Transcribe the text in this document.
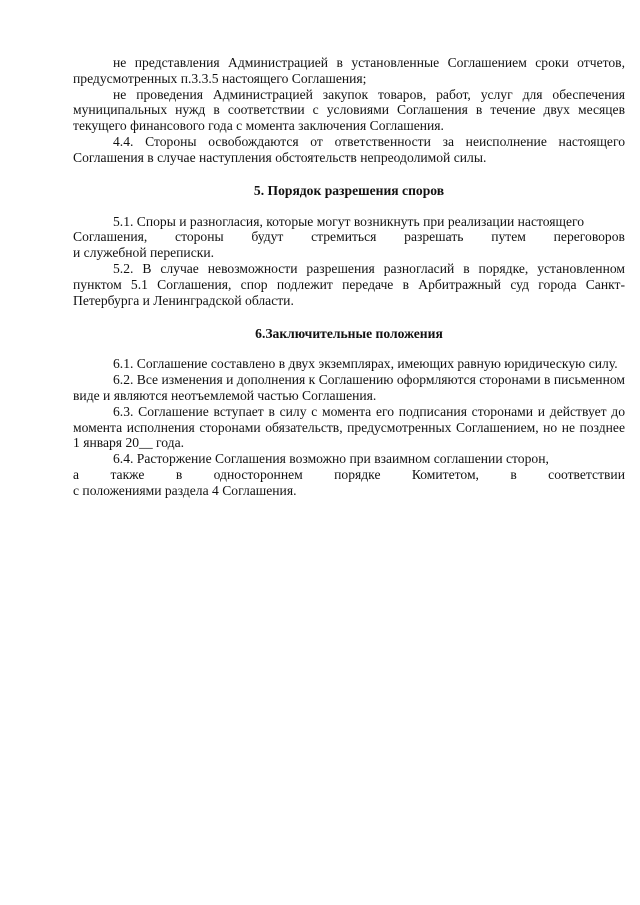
не представления Администрацией в установленные Соглашением сроки отчетов, предусмотренных п.3.3.5 настоящего Соглашения;

не проведения Администрацией закупок товаров, работ, услуг для обеспечения муниципальных нужд в соответствии с условиями Соглашения в течение двух месяцев текущего финансового года с момента заключения Соглашения.

4.4. Стороны освобождаются от ответственности за неисполнение настоящего Соглашения в случае наступления обстоятельств непреодолимой силы.

5. Порядок разрешения споров

5.1. Споры и разногласия, которые могут возникнуть при реализации настоящего

Соглашения, стороны будут стремиться разрешать путем переговоров

и служебной переписки.

5.2. В случае невозможности разрешения разногласий в порядке, установленном пунктом 5.1 Соглашения, спор подлежит передаче в Арбитражный суд города Санкт-Петербурга и Ленинградской области.

6.Заключительные положения

6.1. Соглашение составлено в двух экземплярах, имеющих равную юридическую силу.

6.2. Все изменения и дополнения к Соглашению оформляются сторонами в письменном виде и являются неотъемлемой частью Соглашения.

6.3. Соглашение вступает в силу с момента его подписания сторонами и действует до момента исполнения сторонами обязательств, предусмотренных Соглашением, но не позднее 1 января 20__ года.

6.4. Расторжение Соглашения возможно при взаимном соглашении сторон,

а также в одностороннем порядке Комитетом, в соответствии

с положениями раздела 4 Соглашения.
